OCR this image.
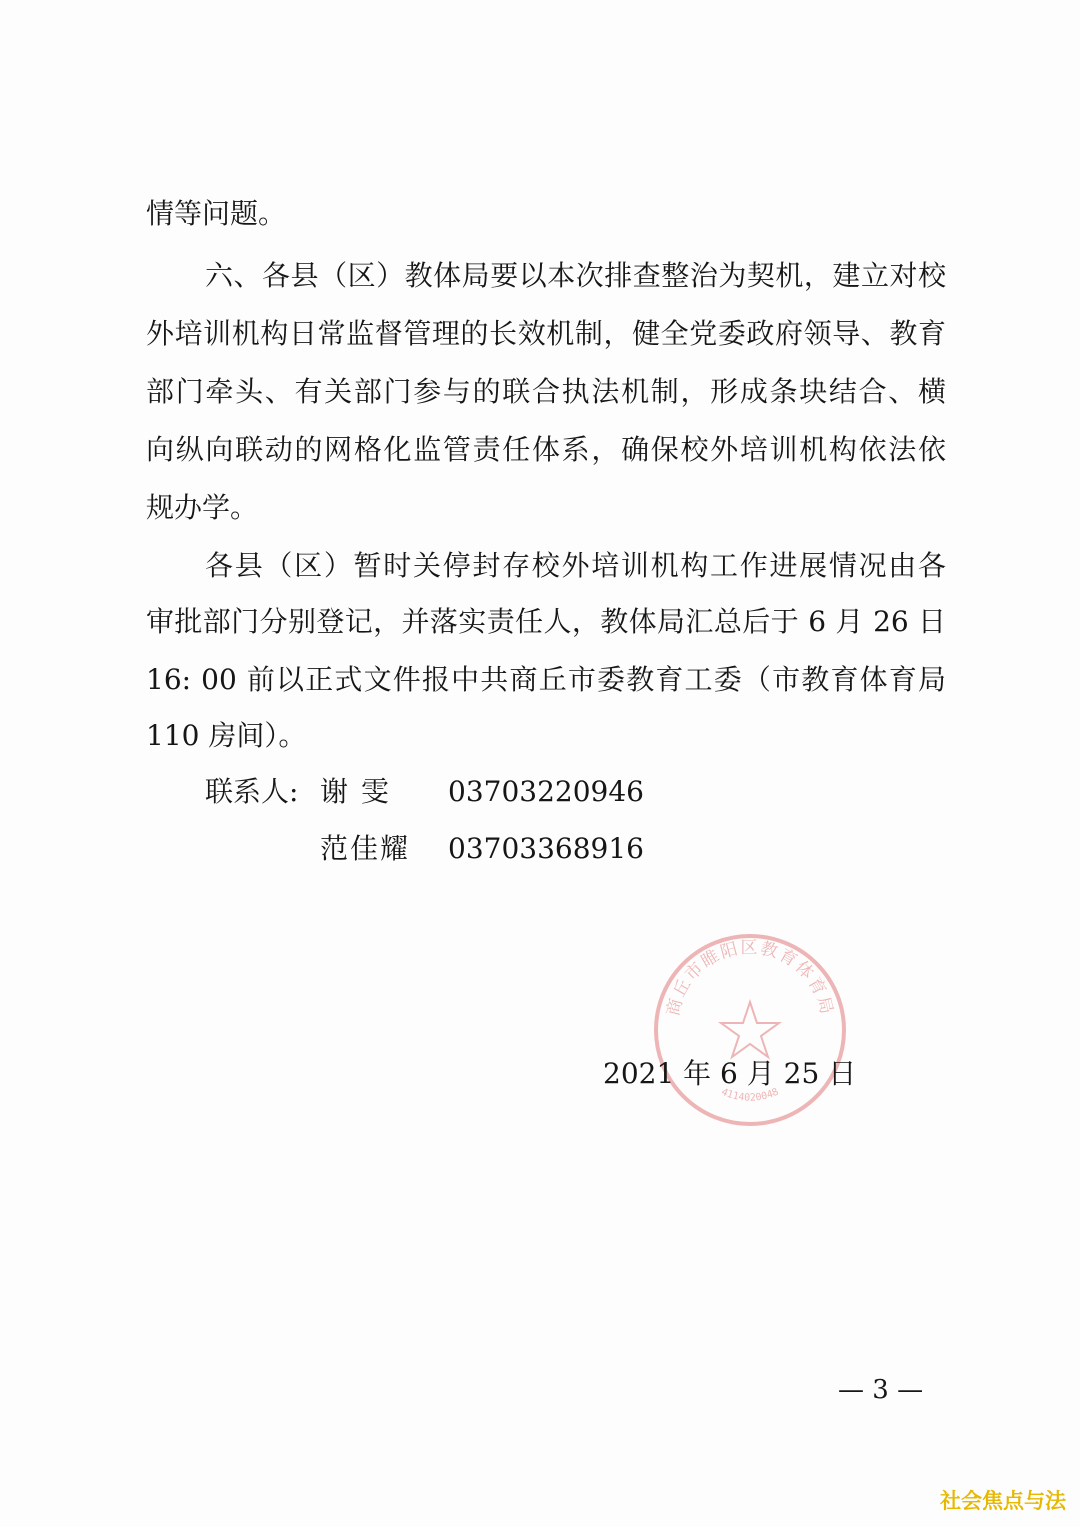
情等问题。
六、各县（区）教体局要以本次排查整治为契机，建立对校
外培训机构日常监督管理的长效机制，健全党委政府领导、教育
部门牵头、有关部门参与的联合执法机制，形成条块结合、横
向纵向联动的网格化监管责任体系，确保校外培训机构依法依
规办学。
各县（区）暂时关停封存校外培训机构工作进展情况由各
审批部门分别登记，并落实责任人，教体局汇总后于 6 月 26 日
16: 00 前以正式文件报中共商丘市委教育工委（市教育体育局
110 房间）。
联系人: 谢 雯 03703220946
范佳耀 03703368916
商丘市睢阳区教育体育局
4114020048
2021 年 6 月 25 日
— 3 —
社会焦点与法
